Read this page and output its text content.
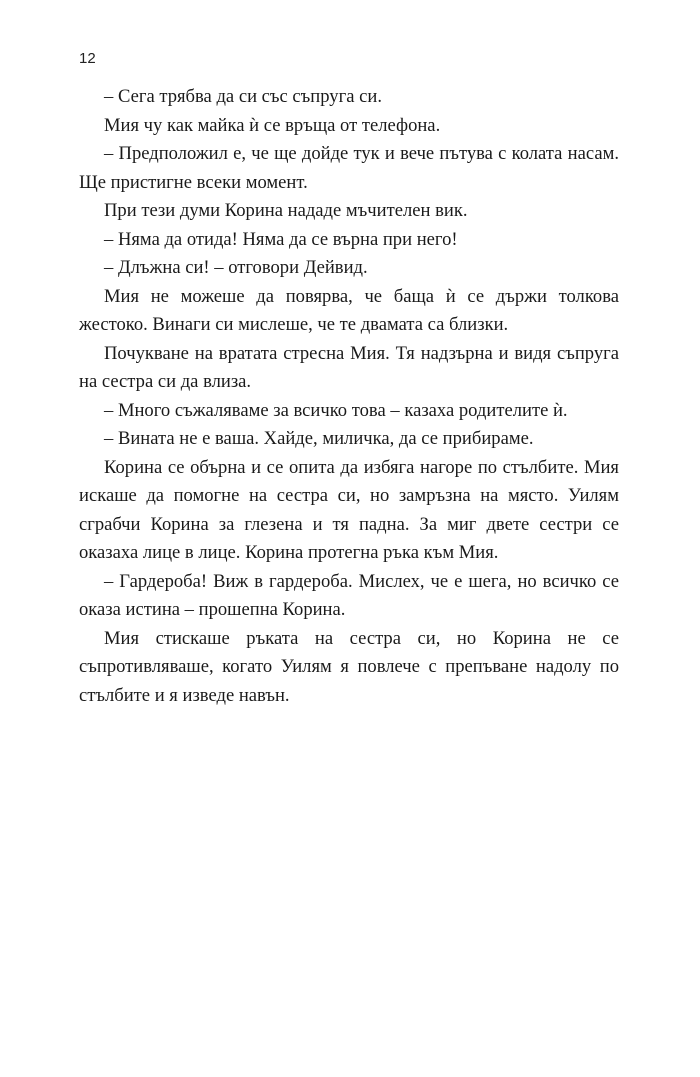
12

– Сега трябва да си със съпруга си.

Мия чу как майка ѝ се връща от телефона.

– Предположил е, че ще дойде тук и вече пътува с колата насам. Ще пристигне всеки момент.

При тези думи Корина нададе мъчителен вик.

– Няма да отида! Няма да се върна при него!

– Длъжна си! – отговори Дейвид.

Мия не можеше да повярва, че баща ѝ се държи толкова жестоко. Винаги си мислеше, че те двамата са близки.

Почукване на вратата стресна Мия. Тя надзърна и видя съпруга на сестра си да влиза.

– Много съжаляваме за всичко това – казаха родителите ѝ.

– Вината не е ваша. Хайде, миличка, да се прибираме.

Корина се обърна и се опита да избяга нагоре по стълбите. Мия искаше да помогне на сестра си, но замръзна на място. Уилям сграбчи Корина за глезена и тя падна. За миг двете сестри се оказаха лице в лице. Корина протегна ръка към Мия.

– Гардероба! Виж в гардероба. Мислех, че е шега, но всичко се оказа истина – прошепна Корина.

Мия стискаше ръката на сестра си, но Корина не се съпротивляваше, когато Уилям я повлече с препъване надолу по стълбите и я изведе навън.
